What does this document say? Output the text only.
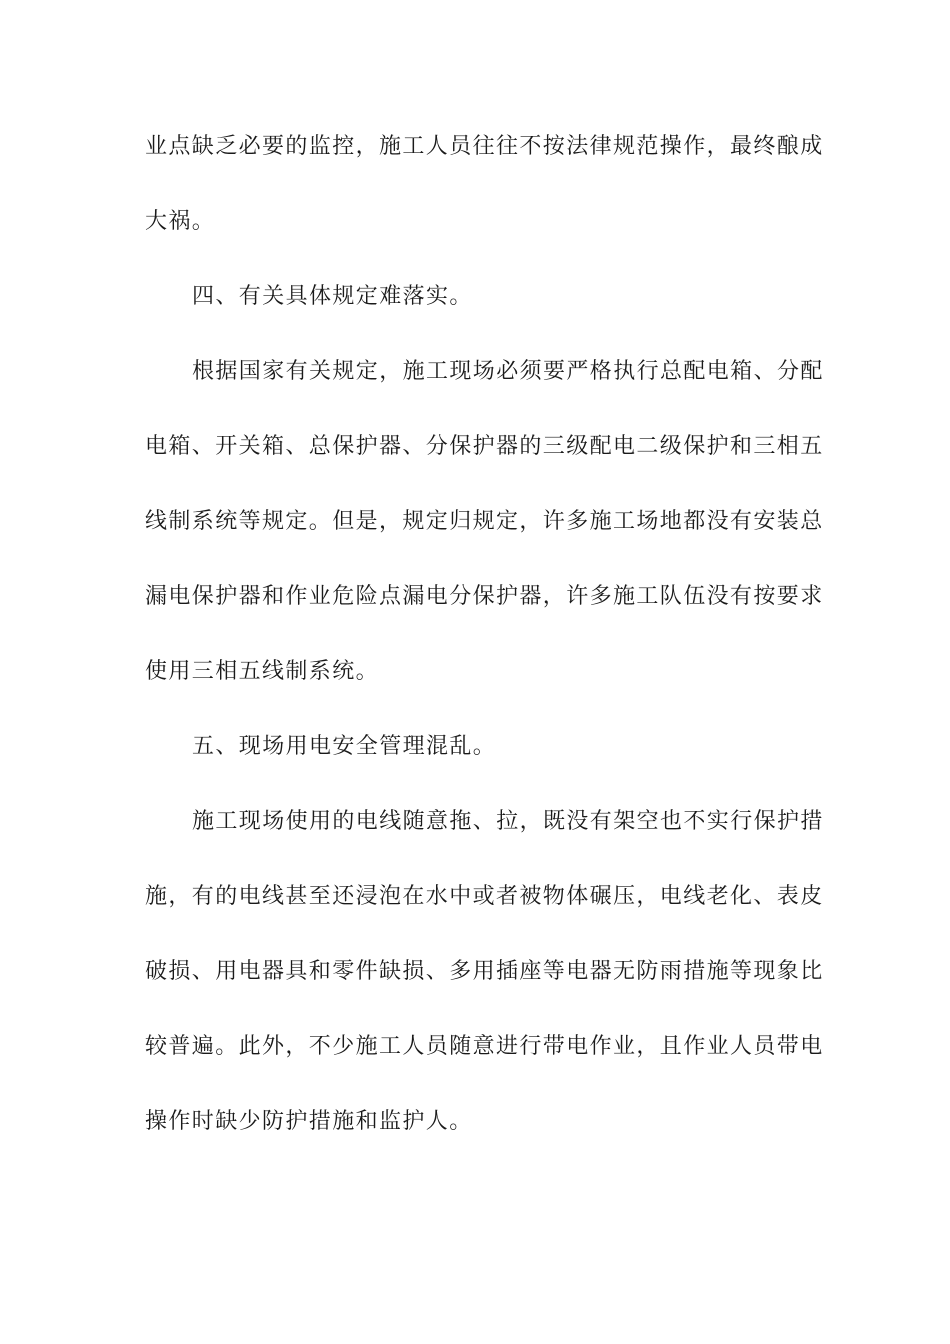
业点缺乏必要的监控，施工人员往往不按法律规范操作，最终酿成
大祸。
四、有关具体规定难落实。
根据国家有关规定，施工现场必须要严格执行总配电箱、分配
电箱、开关箱、总保护器、分保护器的三级配电二级保护和三相五
线制系统等规定。但是，规定归规定，许多施工场地都没有安装总
漏电保护器和作业危险点漏电分保护器，许多施工队伍没有按要求
使用三相五线制系统。
五、现场用电安全管理混乱。
施工现场使用的电线随意拖、拉，既没有架空也不实行保护措
施，有的电线甚至还浸泡在水中或者被物体碾压，电线老化、表皮
破损、用电器具和零件缺损、多用插座等电器无防雨措施等现象比
较普遍。此外，不少施工人员随意进行带电作业，且作业人员带电
操作时缺少防护措施和监护人。
